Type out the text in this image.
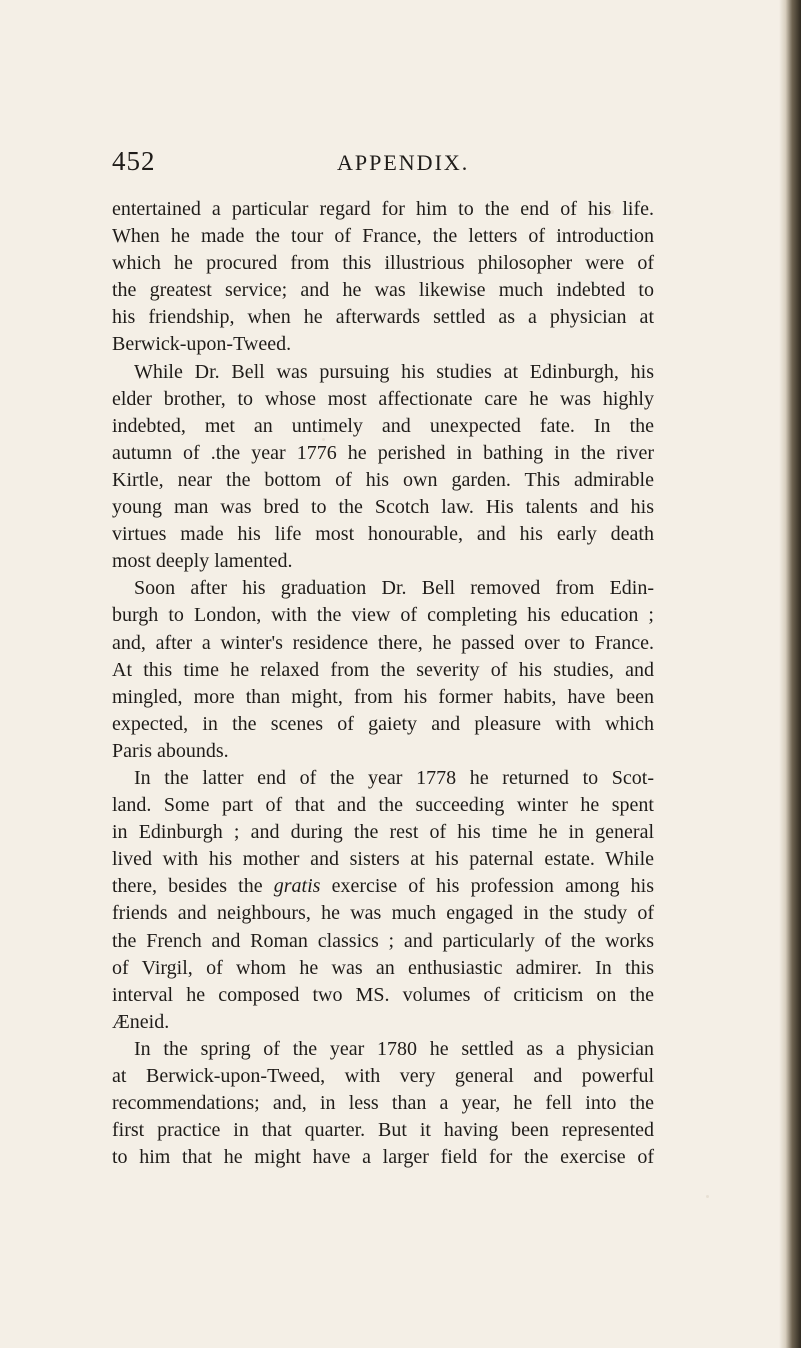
452	APPENDIX.
entertained a particular regard for him to the end of his life.
When he made the tour of France, the letters of introduction
which he procured from this illustrious philosopher were of
the greatest service; and he was likewise much indebted to
his friendship, when he afterwards settled as a physician at
Berwick-upon-Tweed.
While Dr. Bell was pursuing his studies at Edinburgh, his
elder brother, to whose most affectionate care he was highly
indebted, met an untimely and unexpected fate. In the
autumn of .the year 1776 he perished in bathing in the river
Kirtle, near the bottom of his own garden. This admirable
young man was bred to the Scotch law. His talents and his
virtues made his life most honourable, and his early death
most deeply lamented.
Soon after his graduation Dr. Bell removed from Edin-
burgh to London, with the view of completing his education ;
and, after a winter's residence there, he passed over to France.
At this time he relaxed from the severity of his studies, and
mingled, more than might, from his former habits, have been
expected, in the scenes of gaiety and pleasure with which
Paris abounds.
In the latter end of the year 1778 he returned to Scot-
land. Some part of that and the succeeding winter he spent
in Edinburgh ; and during the rest of his time he in general
lived with his mother and sisters at his paternal estate. While
there, besides the gratis exercise of his profession among his
friends and neighbours, he was much engaged in the study of
the French and Roman classics ; and particularly of the works
of Virgil, of whom he was an enthusiastic admirer. In this
interval he composed two MS. volumes of criticism on the
Æneid.
In the spring of the year 1780 he settled as a physician
at Berwick-upon-Tweed, with very general and powerful
recommendations; and, in less than a year, he fell into the
first practice in that quarter. But it having been represented
to him that he might have a larger field for the exercise of
